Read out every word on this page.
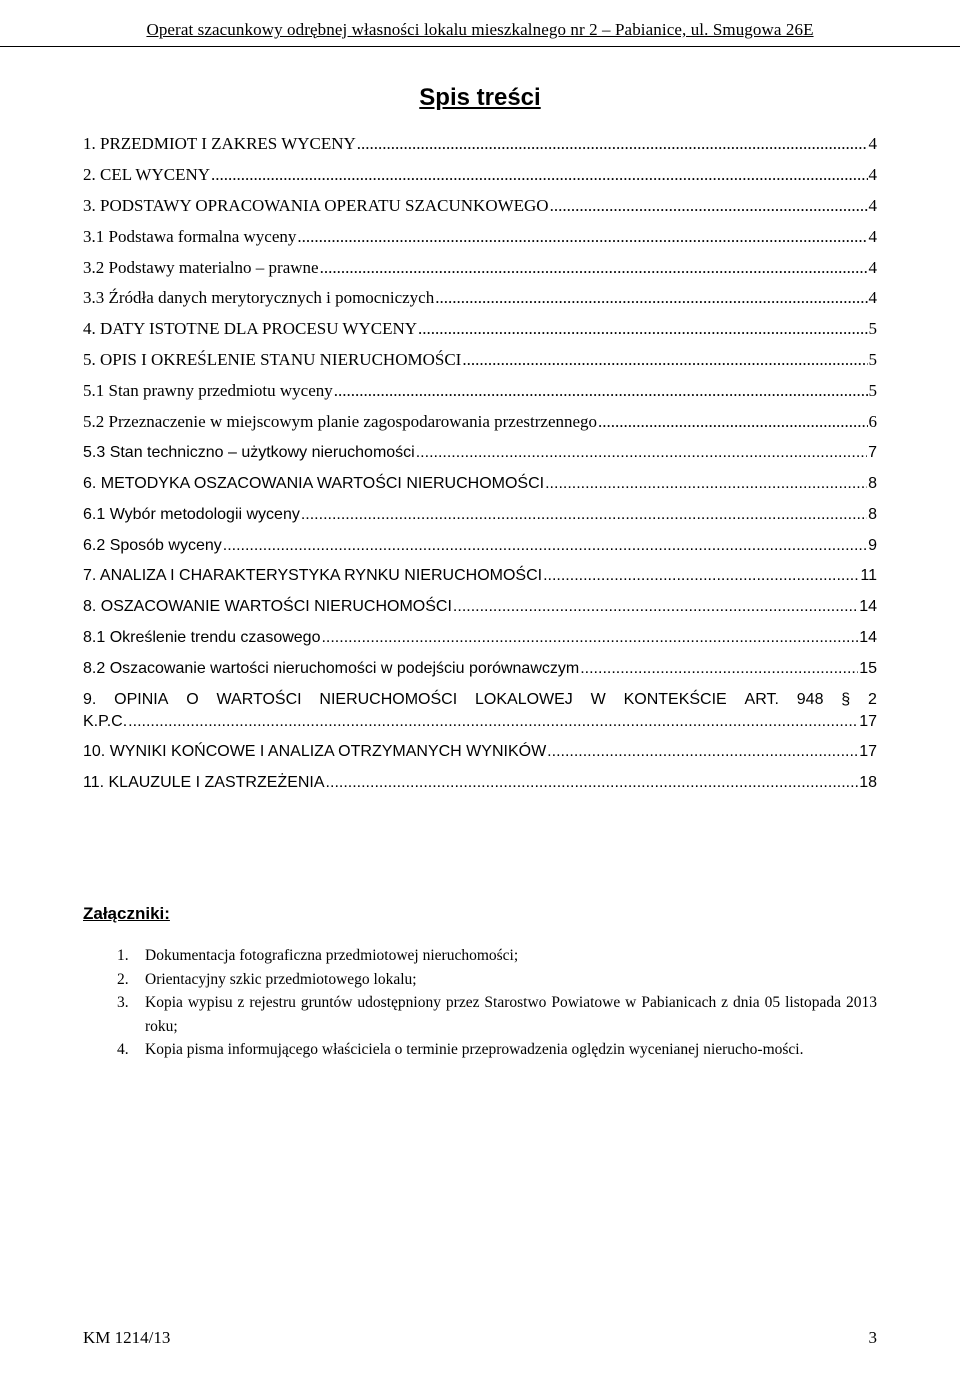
Operat szacunkowy odrębnej własności lokalu mieszkalnego nr 2 – Pabianice, ul. Smugowa 26E
Spis treści
1. PRZEDMIOT I ZAKRES WYCENY .....	4
2. CEL WYCENY .....	4
3. PODSTAWY OPRACOWANIA OPERATU SZACUNKOWEGO .....	4
3.1 Podstawa formalna wyceny .....	4
3.2 Podstawy materialno – prawne .....	4
3.3 Źródła danych merytorycznych i pomocniczych .....	4
4. DATY ISTOTNE DLA PROCESU WYCENY .....	5
5. OPIS I OKREŚLENIE STANU NIERUCHOMOŚCI .....	5
5.1 Stan prawny przedmiotu wyceny .....	5
5.2 Przeznaczenie w miejscowym planie zagospodarowania przestrzennego .....	6
5.3 Stan techniczno – użytkowy nieruchomości .....	7
6. METODYKA OSZACOWANIA WARTOŚCI NIERUCHOMOŚCI .....	8
6.1 Wybór metodologii wyceny .....	8
6.2 Sposób wyceny .....	9
7. ANALIZA I CHARAKTERYSTYKA RYNKU NIERUCHOMOŚCI .....	11
8. OSZACOWANIE WARTOŚCI NIERUCHOMOŚCI .....	14
8.1 Określenie trendu czasowego .....	14
8.2 Oszacowanie wartości nieruchomości w podejściu porównawczym .....	15
9. OPINIA O WARTOŚCI NIERUCHOMOŚCI LOKALOWEJ W KONTEKŚCIE ART. 948 § 2
K.P.C. .....	17
10. WYNIKI KOŃCOWE I ANALIZA OTRZYMANYCH WYNIKÓW .....	17
11. KLAUZULE I ZASTRZEŻENIA .....	18
Załączniki:
1.	Dokumentacja fotograficzna przedmiotowej nieruchomości;
2.	Orientacyjny szkic przedmiotowego lokalu;
3.	Kopia wypisu z rejestru gruntów udostępniony przez Starostwo Powiatowe w Pabianicach z dnia 05 listopada 2013 roku;
4.	Kopia pisma informującego właściciela o terminie przeprowadzenia oględzin wycenianej nierucho-mości.
KM 1214/13	3
